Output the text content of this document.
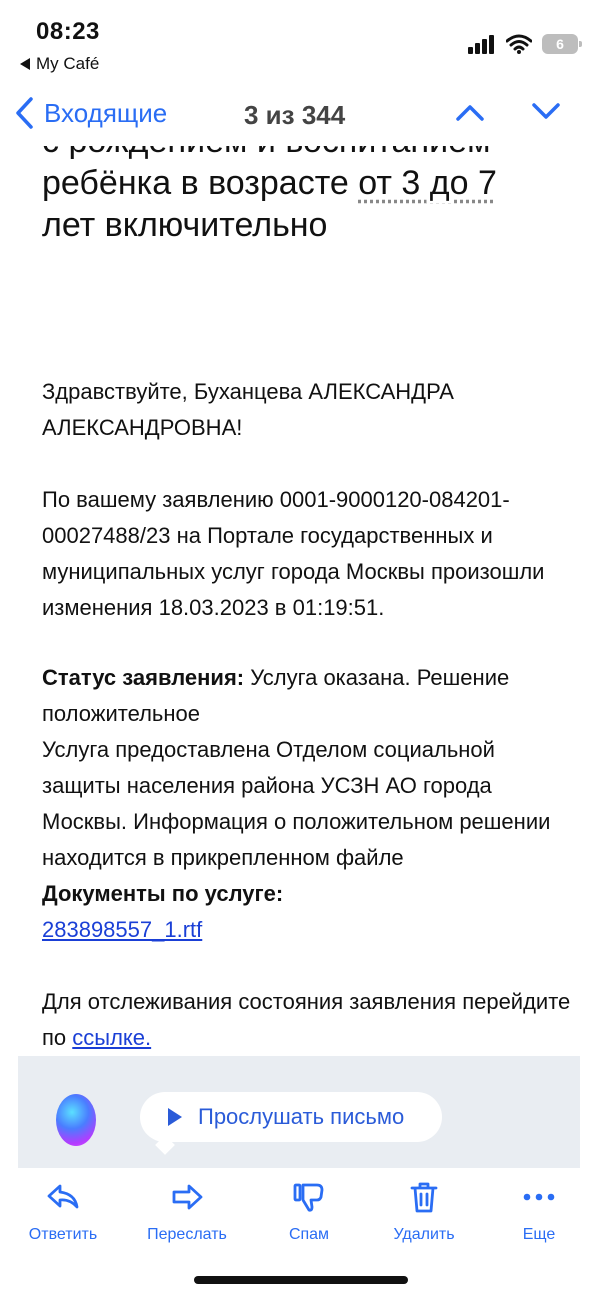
08:23
My Café
6
ребёнка в возрасте от 3 до 7
лет включительно
Здравствуйте, Буханцева АЛЕКСАНДРА АЛЕКСАНДРОВНА!
По вашему заявлению 0001-9000120-084201-00027488/23 на Портале государственных и муниципальных услуг города Москвы произошли изменения 18.03.2023 в 01:19:51.
Статус заявления: Услуга оказана. Решение положительное
Услуга предоставлена Отделом социальной защиты населения района УСЗН АО города Москвы. Информация о положительном решении находится в прикрепленном файле
Документы по услуге:
283898557_1.rtf
Для отслеживания состояния заявления перейдите по ссылке.
Входящие	3 из 344
Прослушать письмо
Ответить	Переслать	Спам	Удалить	Еще
